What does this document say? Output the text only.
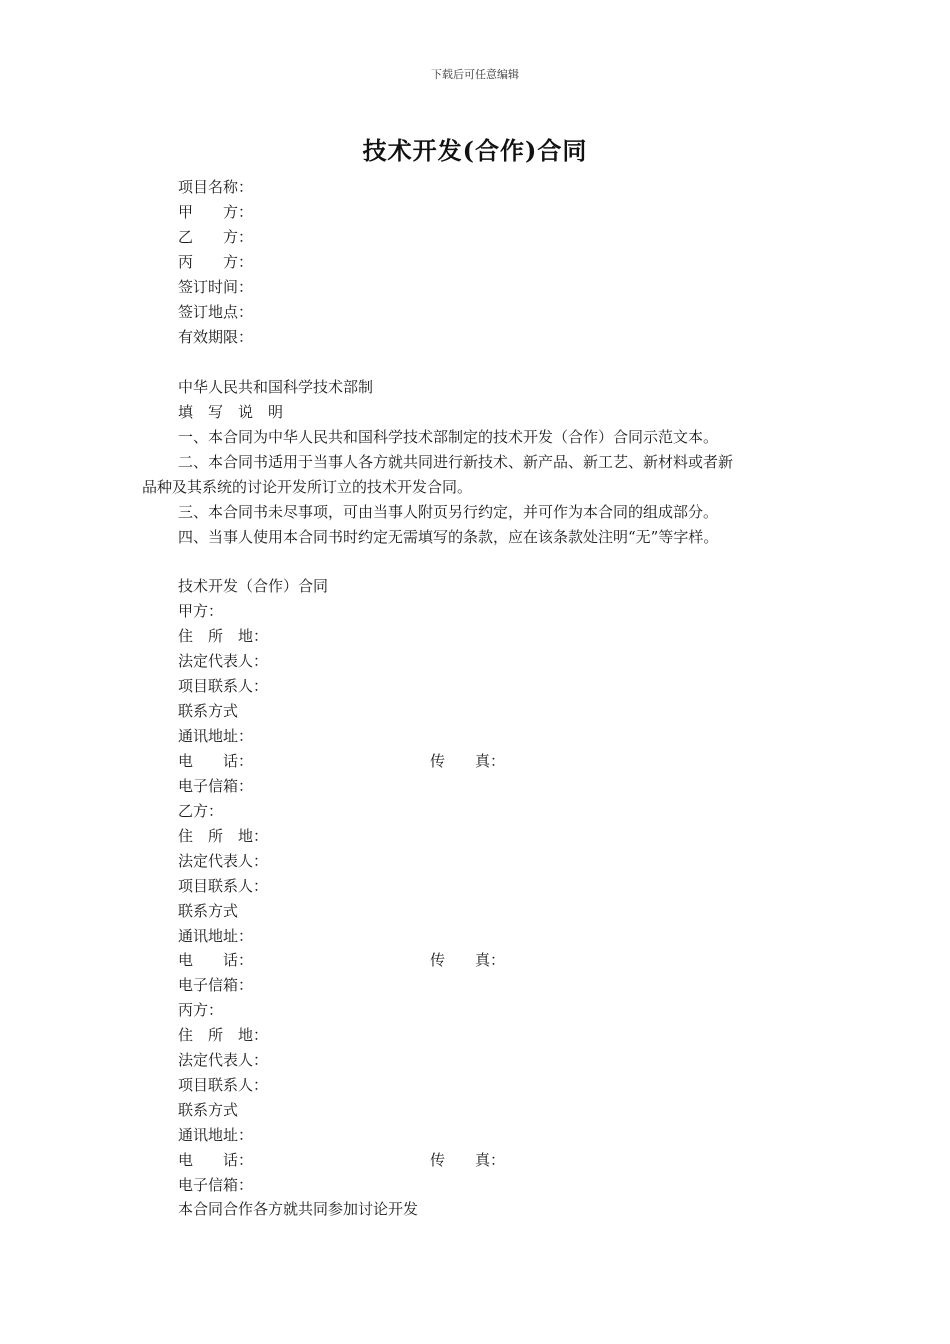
下载后可任意编辑
技术开发(合作)合同
项目名称：
甲　　方：
乙　　方：
丙　　方：
签订时间：
签订地点：
有效期限：
中华人民共和国科学技术部制
填　写　说　明
一、本合同为中华人民共和国科学技术部制定的技术开发（合作）合同示范文本。
二、本合同书适用于当事人各方就共同进行新技术、新产品、新工艺、新材料或者新
品种及其系统的讨论开发所订立的技术开发合同。
三、本合同书未尽事项，可由当事人附页另行约定，并可作为本合同的组成部分。
四、当事人使用本合同书时约定无需填写的条款，应在该条款处注明“无”等字样。
技术开发（合作）合同
甲方：
住　所　地：
法定代表人：
项目联系人：
联系方式
通讯地址：
电　　话：	传　　真：
电子信箱：
乙方：
住　所　地：
法定代表人：
项目联系人：
联系方式
通讯地址：
电　　话：	传　　真：
电子信箱：
丙方：
住　所　地：
法定代表人：
项目联系人：
联系方式
通讯地址：
电　　话：	传　　真：
电子信箱：
本合同合作各方就共同参加讨论开发
